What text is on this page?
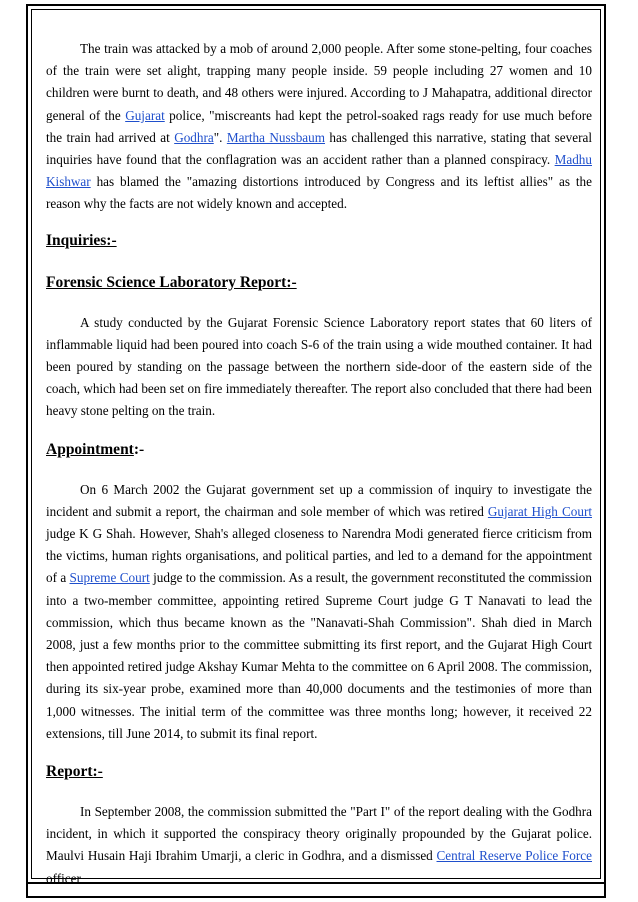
The train was attacked by a mob of around 2,000 people. After some stone-pelting, four coaches of the train were set alight, trapping many people inside. 59 people including 27 women and 10 children were burnt to death, and 48 others were injured. According to J Mahapatra, additional director general of the Gujarat police, "miscreants had kept the petrol-soaked rags ready for use much before the train had arrived at Godhra". Martha Nussbaum has challenged this narrative, stating that several inquiries have found that the conflagration was an accident rather than a planned conspiracy. Madhu Kishwar has blamed the "amazing distortions introduced by Congress and its leftist allies" as the reason why the facts are not widely known and accepted.

Inquiries:-
Forensic Science Laboratory Report:-

A study conducted by the Gujarat Forensic Science Laboratory report states that 60 liters of inflammable liquid had been poured into coach S-6 of the train using a wide mouthed container. It had been poured by standing on the passage between the northern side-door of the eastern side of the coach, which had been set on fire immediately thereafter. The report also concluded that there had been heavy stone pelting on the train.

Appointment:-

On 6 March 2002 the Gujarat government set up a commission of inquiry to investigate the incident and submit a report, the chairman and sole member of which was retired Gujarat High Court judge K G Shah. However, Shah's alleged closeness to Narendra Modi generated fierce criticism from the victims, human rights organisations, and political parties, and led to a demand for the appointment of a Supreme Court judge to the commission. As a result, the government reconstituted the commission into a two-member committee, appointing retired Supreme Court judge G T Nanavati to lead the commission, which thus became known as the "Nanavati-Shah Commission". Shah died in March 2008, just a few months prior to the committee submitting its first report, and the Gujarat High Court then appointed retired judge Akshay Kumar Mehta to the committee on 6 April 2008. The commission, during its six-year probe, examined more than 40,000 documents and the testimonies of more than 1,000 witnesses. The initial term of the committee was three months long; however, it received 22 extensions, till June 2014, to submit its final report.

Report:-

In September 2008, the commission submitted the "Part I" of the report dealing with the Godhra incident, in which it supported the conspiracy theory originally propounded by the Gujarat police. Maulvi Husain Haji Ibrahim Umarji, a cleric in Godhra, and a dismissed Central Reserve Police Force officer
